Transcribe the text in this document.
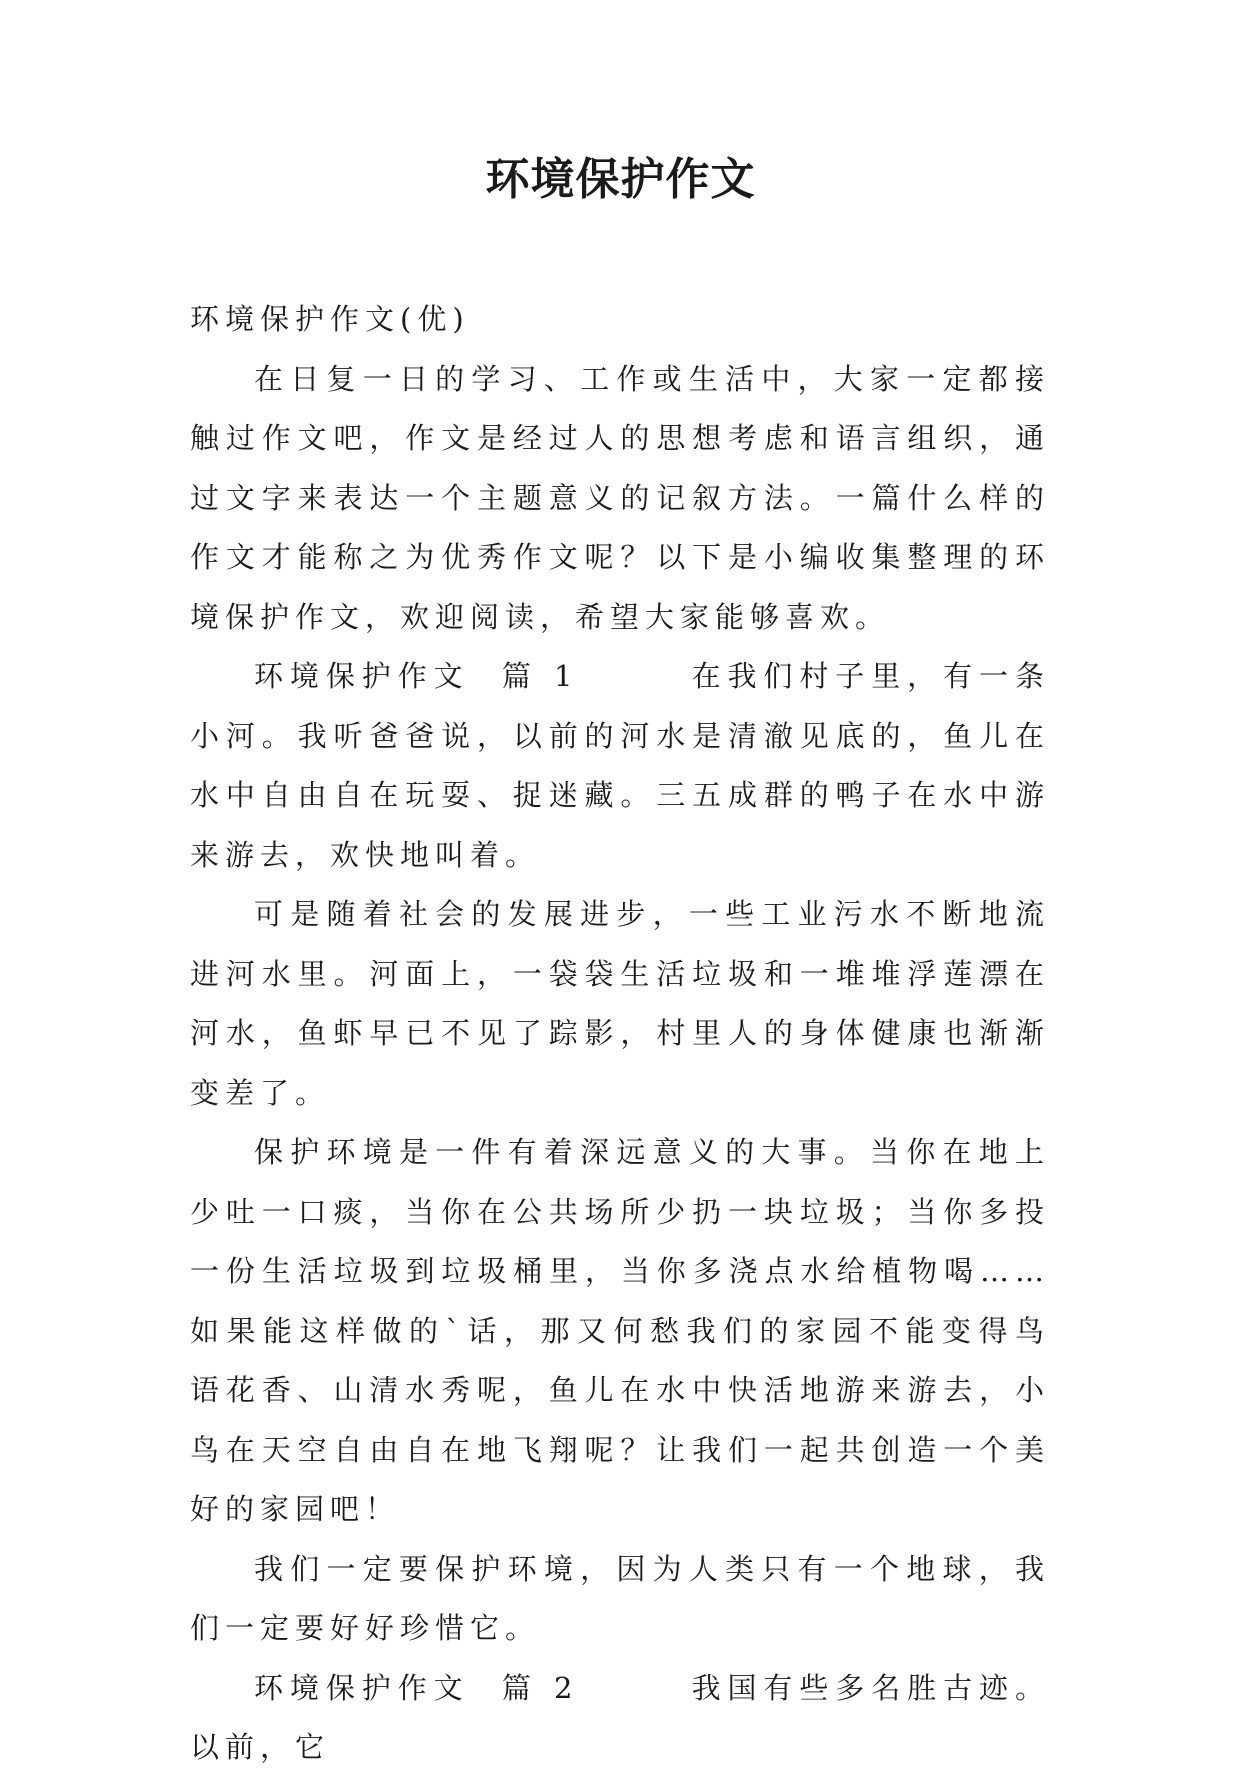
环境保护作文

环境保护作文(优)

在日复一日的学习、工作或生活中，大家一定都接触过作文吧，作文是经过人的思想考虑和语言组织，通过文字来表达一个主题意义的记叙方法。一篇什么样的作文才能称之为优秀作文呢？以下是小编收集整理的环境保护作文，欢迎阅读，希望大家能够喜欢。

环境保护作文  篇 1	在我们村子里，有一条小河。我听爸爸说，以前的河水是清澈见底的，鱼儿在水中自由自在玩耍、捉迷藏。三五成群的鸭子在水中游来游去，欢快地叫着。

可是随着社会的发展进步，一些工业污水不断地流进河水里。河面上，一袋袋生活垃圾和一堆堆浮莲漂在河水，鱼虾早已不见了踪影，村里人的身体健康也渐渐变差了。

保护环境是一件有着深远意义的大事。当你在地上少吐一口痰，当你在公共场所少扔一块垃圾；当你多投一份生活垃圾到垃圾桶里，当你多浇点水给植物喝……如果能这样做的`话，那又何愁我们的家园不能变得鸟语花香、山清水秀呢，鱼儿在水中快活地游来游去，小鸟在天空自由自在地飞翔呢？让我们一起共创造一个美好的家园吧！

我们一定要保护环境，因为人类只有一个地球，我们一定要好好珍惜它。

环境保护作文  篇 2	我国有些多名胜古迹。以前，它
